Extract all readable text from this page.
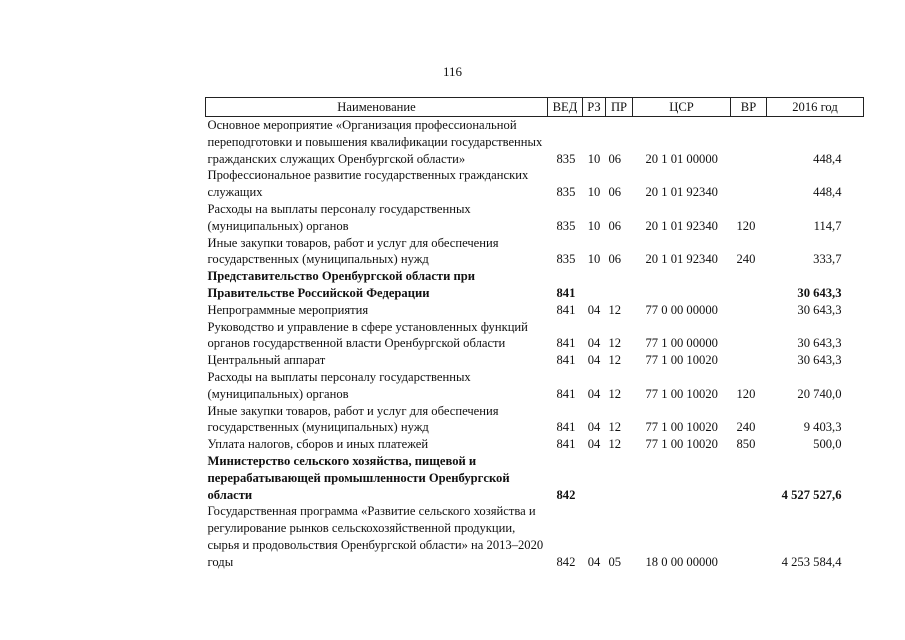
116
Наименование	ВЕД	РЗ	ПР	ЦСР	ВР	2016 год
Основное мероприятие «Организация профессиональной переподготовки и повышения квалификации государственных гражданских служащих Оренбургской области»	835	10	06	20 1 01 00000		448,4
Профессиональное развитие государственных гражданских служащих	835	10	06	20 1 01 92340		448,4
Расходы на выплаты персоналу государственных (муниципальных) органов	835	10	06	20 1 01 92340	120	114,7
Иные закупки товаров, работ и услуг для обеспечения государственных (муниципальных) нужд	835	10	06	20 1 01 92340	240	333,7
Представительство Оренбургской области при Правительстве Российской Федерации	841					30 643,3
Непрограммные мероприятия	841	04	12	77 0 00 00000		30 643,3
Руководство и управление в сфере установленных функций органов государственной власти Оренбургской области	841	04	12	77 1 00 00000		30 643,3
Центральный аппарат	841	04	12	77 1 00 10020		30 643,3
Расходы на выплаты персоналу государственных (муниципальных) органов	841	04	12	77 1 00 10020	120	20 740,0
Иные закупки товаров, работ и услуг для обеспечения государственных (муниципальных) нужд	841	04	12	77 1 00 10020	240	9 403,3
Уплата налогов, сборов и иных платежей	841	04	12	77 1 00 10020	850	500,0
Министерство сельского хозяйства, пищевой и перерабатывающей промышленности Оренбургской области	842					4 527 527,6
Государственная программа «Развитие сельского хозяйства и регулирование рынков сельскохозяйственной продукции, сырья и продовольствия Оренбургской области» на 2013–2020 годы	842	04	05	18 0 00 00000		4 253 584,4
